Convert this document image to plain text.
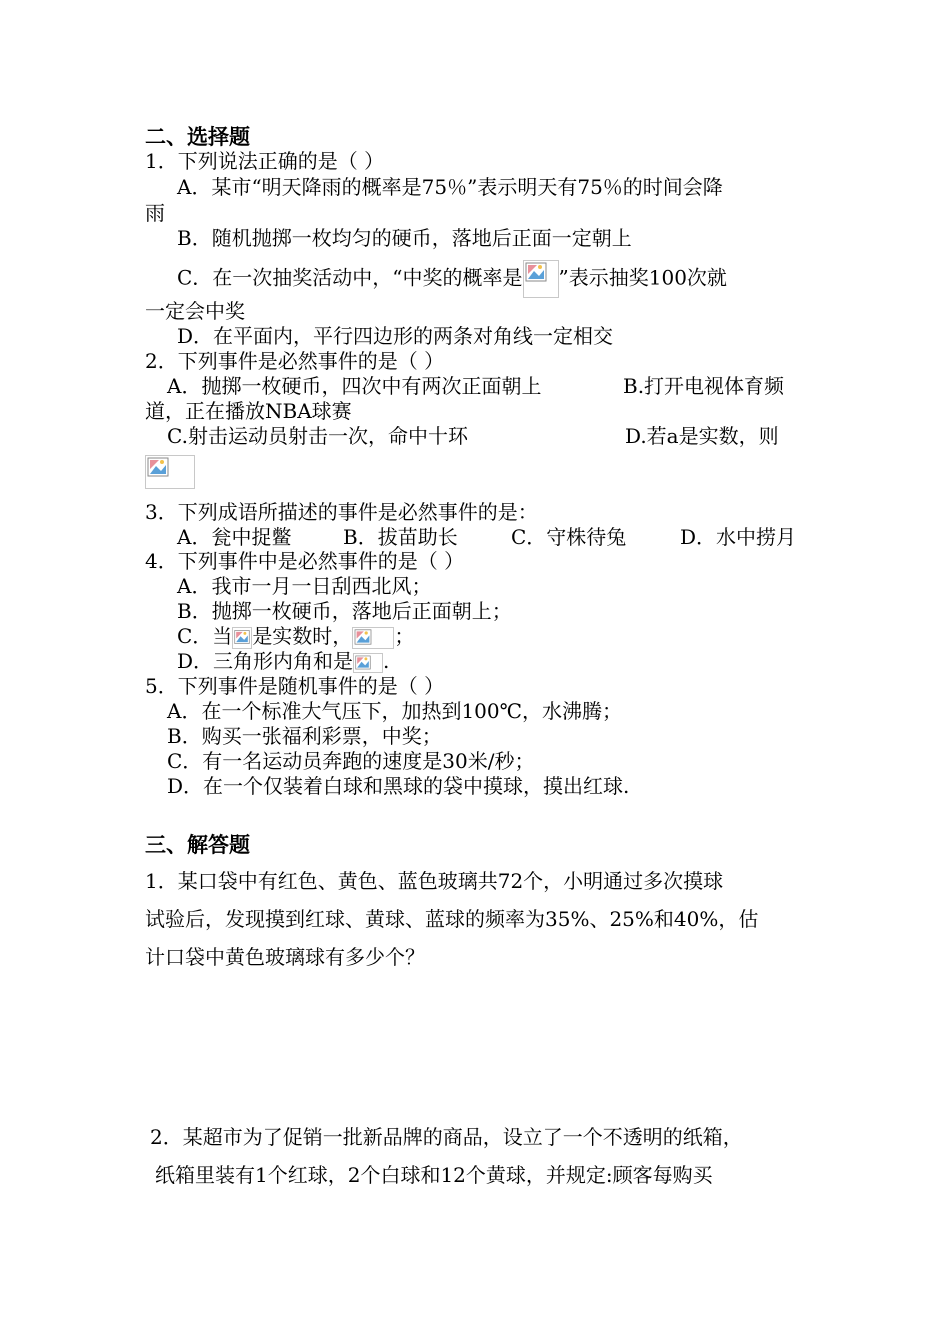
二、选择题
1．下列说法正确的是（ ）
A．某市“明天降雨的概率是75％”表示明天有75％的时间会降
雨
B．随机抛掷一枚均匀的硬币，落地后正面一定朝上
C．在一次抽奖活动中，“中奖的概率是 ”表示抽奖100次就
一定会中奖
D．在平面内，平行四边形的两条对角线一定相交
2．下列事件是必然事件的是（ ）
A．抛掷一枚硬币，四次中有两次正面朝上	B.打开电视体育频
道，正在播放NBA球赛
C.射击运动员射击一次，命中十环	D.若a是实数，则
3．下列成语所描述的事件是必然事件的是：
A．瓮中捉鳖	B．拔苗助长	C．守株待兔	D．水中捞月
4．下列事件中是必然事件的是（ ）
A．我市一月一日刮西北风；
B．抛掷一枚硬币，落地后正面朝上；
C．当 是实数时， ；
D．三角形内角和是 .
5．下列事件是随机事件的是（ ）
A．在一个标准大气压下，加热到100℃，水沸腾；
B．购买一张福利彩票，中奖；
C．有一名运动员奔跑的速度是30米/秒；
D．在一个仅装着白球和黑球的袋中摸球，摸出红球.
三、解答题
1．某口袋中有红色、黄色、蓝色玻璃共72个，小明通过多次摸球
试验后，发现摸到红球、黄球、蓝球的频率为35%、25%和40%，估
计口袋中黄色玻璃球有多少个？
2．某超市为了促销一批新品牌的商品，设立了一个不透明的纸箱，
纸箱里装有1个红球，2个白球和12个黄球，并规定:顾客每购买
